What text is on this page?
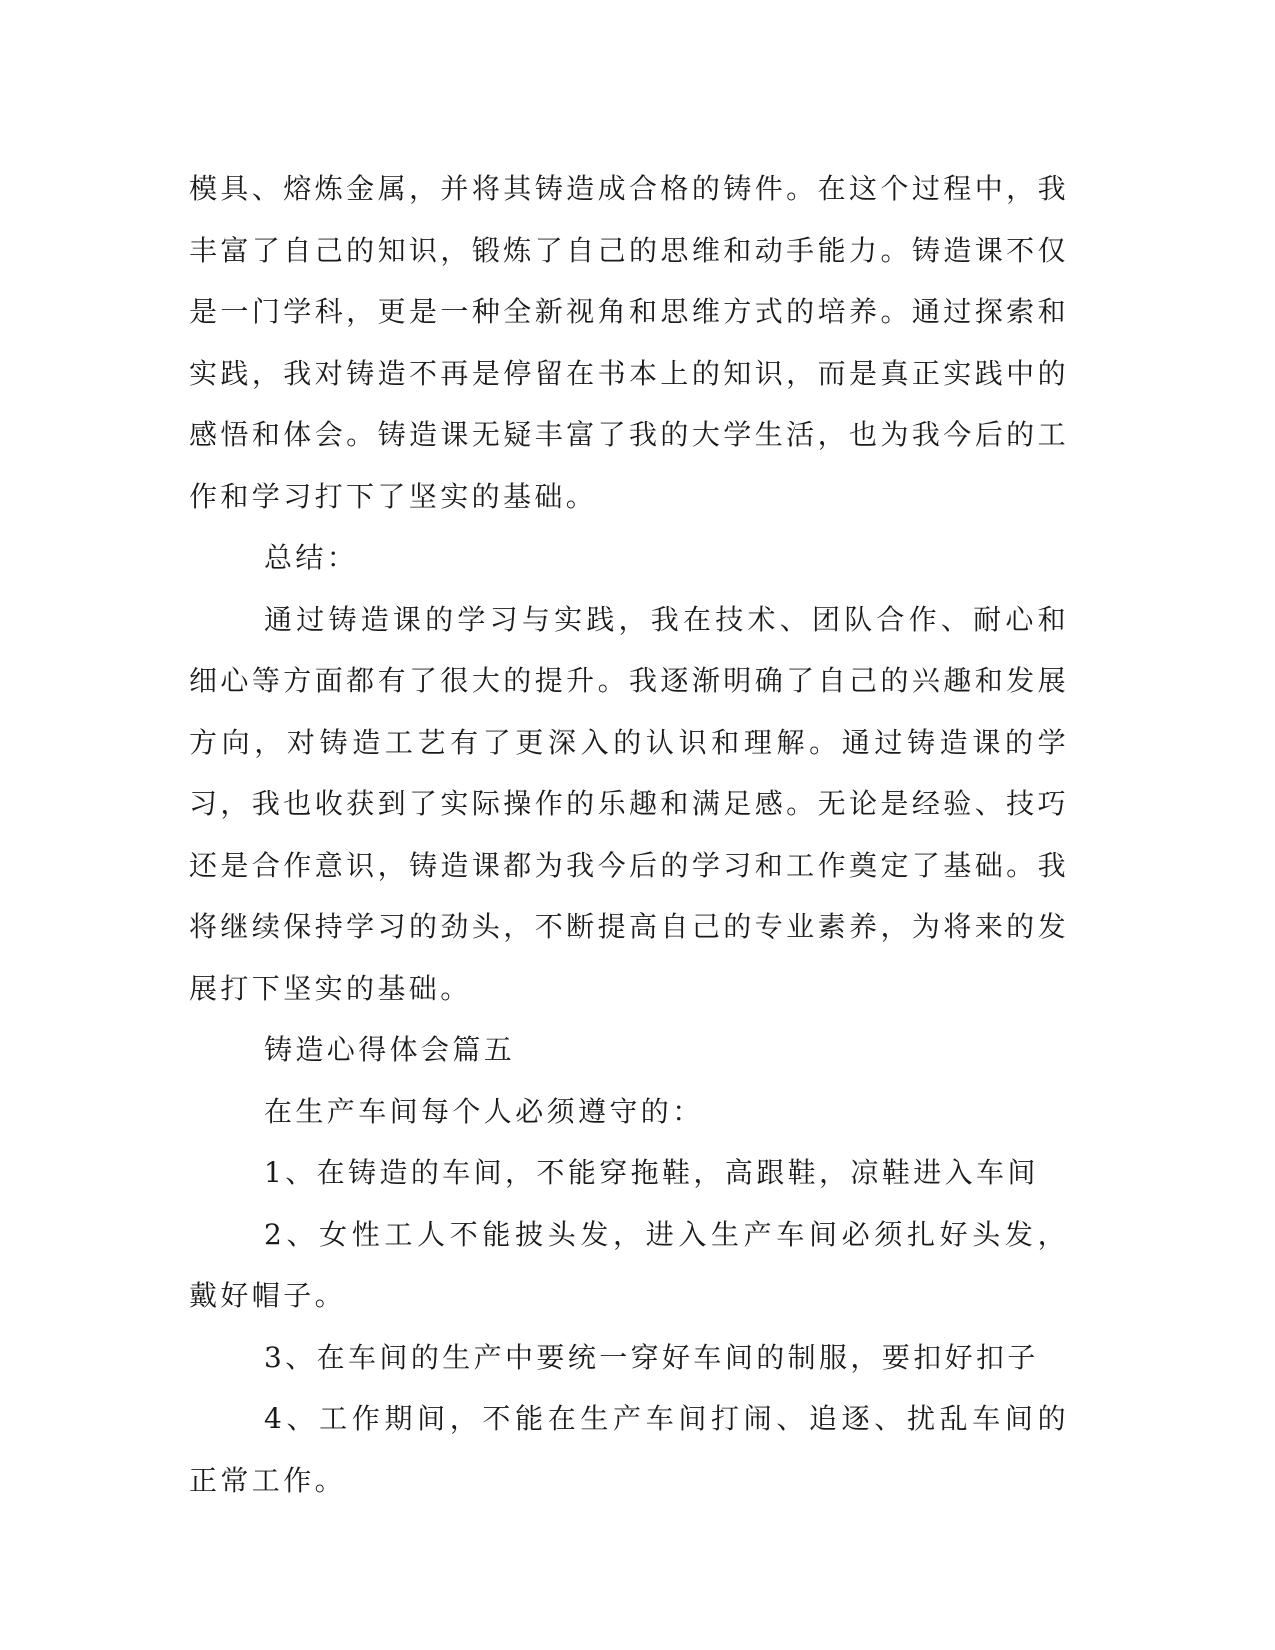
模具、熔炼金属，并将其铸造成合格的铸件。在这个过程中，我丰富了自己的知识，锻炼了自己的思维和动手能力。铸造课不仅是一门学科，更是一种全新视角和思维方式的培养。通过探索和实践，我对铸造不再是停留在书本上的知识，而是真正实践中的感悟和体会。铸造课无疑丰富了我的大学生活，也为我今后的工作和学习打下了坚实的基础。

总结：

通过铸造课的学习与实践，我在技术、团队合作、耐心和细心等方面都有了很大的提升。我逐渐明确了自己的兴趣和发展方向，对铸造工艺有了更深入的认识和理解。通过铸造课的学习，我也收获到了实际操作的乐趣和满足感。无论是经验、技巧还是合作意识，铸造课都为我今后的学习和工作奠定了基础。我将继续保持学习的劲头，不断提高自己的专业素养，为将来的发展打下坚实的基础。

铸造心得体会篇五

在生产车间每个人必须遵守的：

1、在铸造的车间，不能穿拖鞋，高跟鞋，凉鞋进入车间

2、女性工人不能披头发，进入生产车间必须扎好头发，戴好帽子。

3、在车间的生产中要统一穿好车间的制服，要扣好扣子

4、工作期间，不能在生产车间打闹、追逐、扰乱车间的正常工作。
